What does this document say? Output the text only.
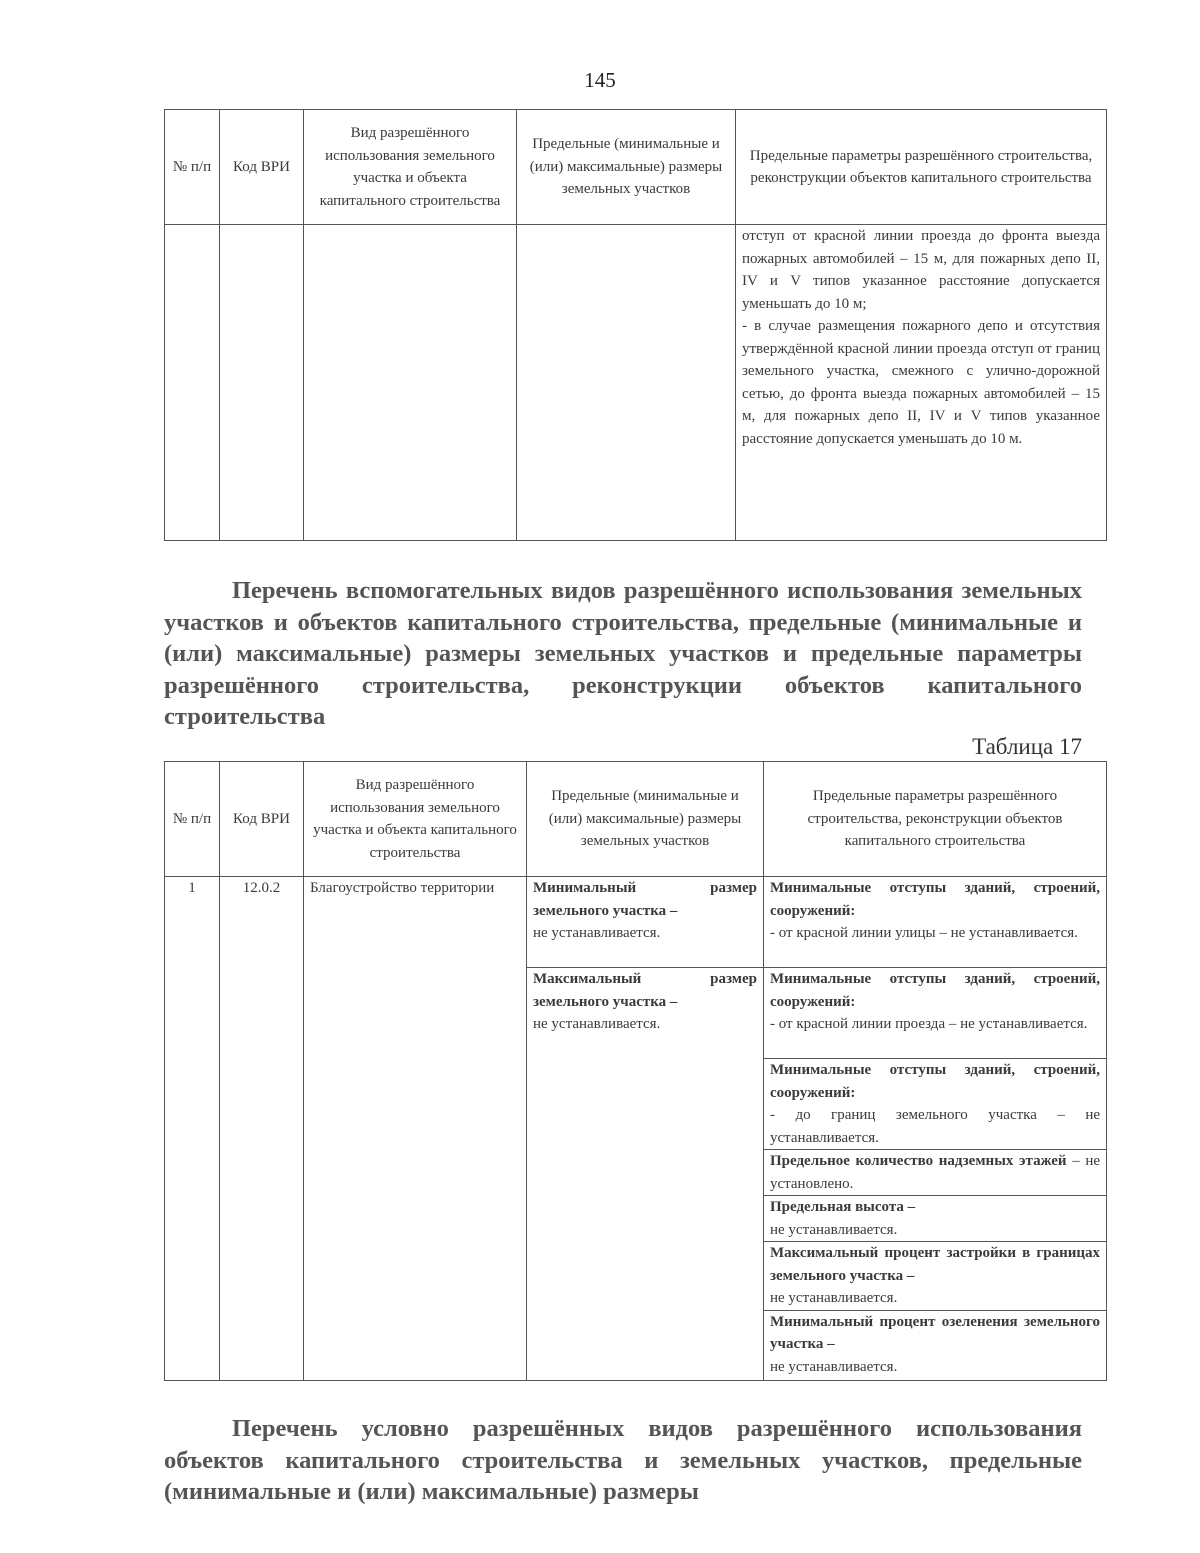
145
№ п/п	Код ВРИ	Вид разрешённого использования земельного участка и объекта капитального строительства	Предельные (минимальные и (или) максимальные) размеры земельных участков	Предельные параметры разрешённого строительства, реконструкции объектов капитального строительства
				отступ от красной линии проезда до фронта выезда пожарных автомобилей – 15 м, для пожарных депо II, IV и V типов указанное расстояние допускается уменьшать до 10 м;
- в случае размещения пожарного депо и отсутствия утверждённой красной линии проезда отступ от границ земельного участка, смежного с улично-дорожной сетью, до фронта выезда пожарных автомобилей – 15 м, для пожарных депо II, IV и V типов указанное расстояние допускается уменьшать до 10 м.

Перечень вспомогательных видов разрешённого использования земельных участков и объектов капитального строительства, предельные (минимальные и (или) максимальные) размеры земельных участков и предельные параметры разрешённого строительства, реконструкции объектов капитального строительства

Таблица 17
№ п/п	Код ВРИ	Вид разрешённого использования земельного участка и объекта капитального строительства	Предельные (минимальные и (или) максимальные) размеры земельных участков	Предельные параметры разрешённого строительства, реконструкции объектов капитального строительства
1	12.0.2	Благоустройство территории	Минимальный размер земельного участка –
не устанавливается.	Минимальные отступы зданий, строений, сооружений:
- от красной линии улицы – не устанавливается.

			Максимальный размер земельного участка –
не устанавливается.	Минимальные отступы зданий, строений, сооружений:
- от красной линии проезда – не устанавливается.

				Минимальные отступы зданий, строений, сооружений:
- до границ земельного участка – не устанавливается.

				Предельное количество надземных этажей – не установлено.

				Предельная высота –
не устанавливается.

				Максимальный процент застройки в границах земельного участка –
не устанавливается.

				Минимальный процент озеленения земельного участка –
не устанавливается.

Перечень условно разрешённых видов разрешённого использования объектов капитального строительства и земельных участков, предельные (минимальные и (или) максимальные) размеры
